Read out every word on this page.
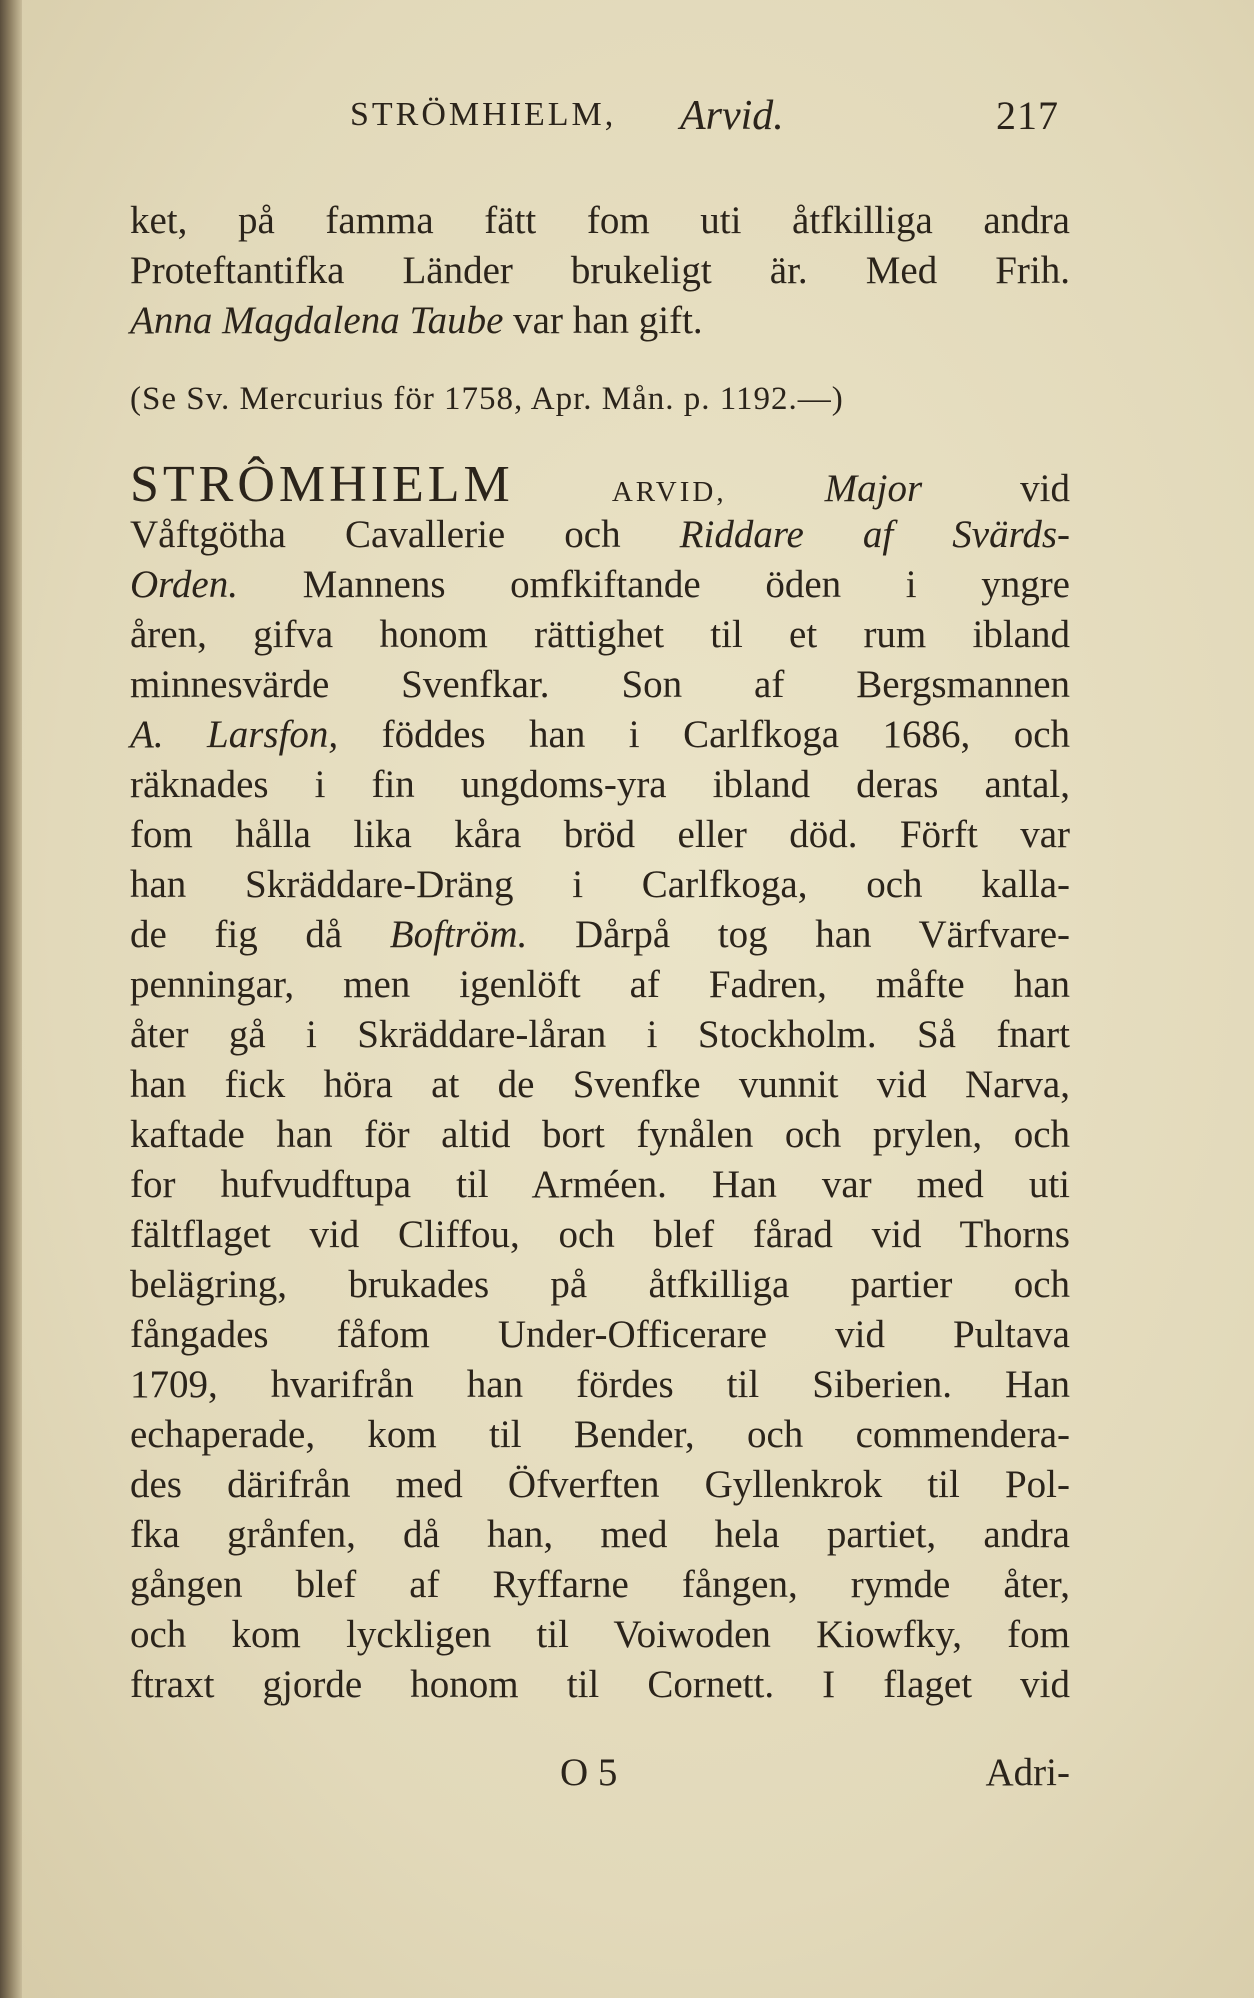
STRÖMHIELM, Arvid.	217
ket, på famma fätt fom uti åtfkilliga andra
Proteftantifka Länder brukeligt är. Med Frih.
Anna Magdalena Taube var han gift.
(Se Sv. Mercurius för 1758, Apr. Mån. p. 1192.—)
STRÔMHIELM	ARVID,	Major	vid
Våftgötha Cavallerie och Riddare af Svärds-
Orden. Mannens omfkiftande öden i yngre
åren, gifva honom rättighet til et rum ibland
minnesvärde Svenfkar. Son af Bergsmannen
A. Larsfon, föddes han i Carlfkoga 1686, och
räknades i fin ungdoms-yra ibland deras antal,
fom hålla lika kåra bröd eller död. Förft var
han Skräddare-Dräng i Carlfkoga, och kalla-
de fig då Boftröm. Dårpå tog han Värfvare-
penningar, men igenlöft af Fadren, måfte han
åter gå i Skräddare-låran i Stockholm. Så fnart
han fick höra at de Svenfke vunnit vid Narva,
kaftade han för altid bort fynålen och prylen, och
for hufvudftupa til Arméen. Han var med uti
fältflaget vid Cliffou, och blef fårad vid Thorns
belägring, brukades på åtfkilliga partier och
fångades fåfom Under-Officerare vid Pultava
1709, hvarifrån han fördes til Siberien. Han
echaperade, kom til Bender, och commendera-
des därifrån med Öfverften Gyllenkrok til Pol-
fka grånfen, då han, med hela partiet, andra
gången blef af Ryffarne fången, rymde åter,
och kom lyckligen til Voiwoden Kiowfky, fom
ftraxt gjorde honom til Cornett. I flaget vid
O 5	Adri-
